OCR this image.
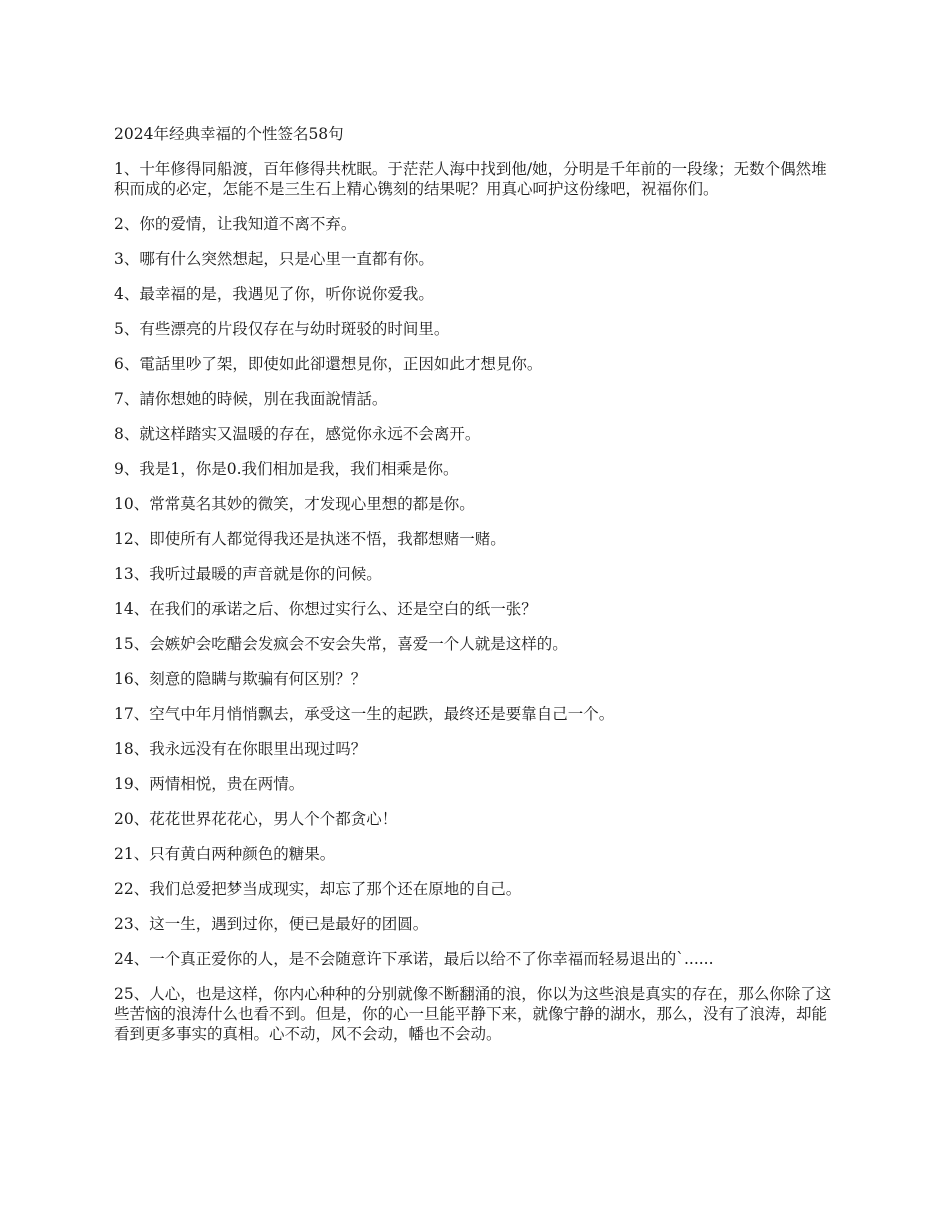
2024年经典幸福的个性签名58句

1、十年修得同船渡，百年修得共枕眠。于茫茫人海中找到他/她，分明是千年前的一段缘；无数个偶然堆积而成的必定，怎能不是三生石上精心镌刻的结果呢？用真心呵护这份缘吧，祝福你们。

2、你的爱情，让我知道不离不弃。

3、哪有什么突然想起，只是心里一直都有你。

4、最幸福的是，我遇见了你，听你说你爱我。

5、有些漂亮的片段仅存在与幼时斑驳的时间里。

6、電話里吵了架，即使如此卻還想見你，正因如此才想見你。

7、請你想她的時候，別在我面說情話。

8、就这样踏实又温暖的存在，感觉你永远不会离开。

9、我是1，你是0.我们相加是我，我们相乘是你。

10、常常莫名其妙的微笑，才发现心里想的都是你。

12、即使所有人都觉得我还是执迷不悟，我都想赌一赌。

13、我听过最暖的声音就是你的问候。

14、在我们的承诺之后、你想过实行么、还是空白的纸一张？

15、会嫉妒会吃醋会发疯会不安会失常，喜爱一个人就是这样的。

16、刻意的隐瞒与欺骗有何区别？？

17、空气中年月悄悄飘去，承受这一生的起跌，最终还是要靠自己一个。

18、我永远没有在你眼里出现过吗？

19、两情相悦，贵在两情。

20、花花世界花花心，男人个个都贪心！

21、只有黄白两种颜色的糖果。

22、我们总爱把梦当成现实，却忘了那个还在原地的自己。

23、这一生，遇到过你，便已是最好的团圆。

24、一个真正爱你的人，是不会随意许下承诺，最后以给不了你幸福而轻易退出的`......

25、人心，也是这样，你内心种种的分别就像不断翻涌的浪，你以为这些浪是真实的存在，那么你除了这些苦恼的浪涛什么也看不到。但是，你的心一旦能平静下来，就像宁静的湖水，那么，没有了浪涛，却能看到更多事实的真相。心不动，风不会动，幡也不会动。
